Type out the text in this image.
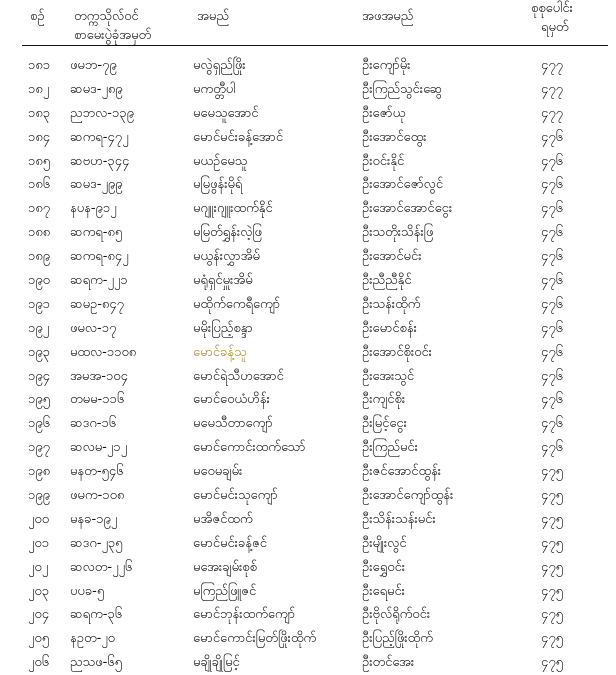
စဉ် တက္ကသိုလ်ဝင်
စာမေးပွဲခုံအမှတ်
အမည်	အဖအမည်
စုစုပေါင်း
ရမှတ်
၁၈၁ ဖမဘ-၇၉	မလွဲရှည်ဖြိုး	ဦးကျော်မိုး	၄၇၇
၁၈၂ ဆမဒ-၂၈၉	မကတ္တီပါ	ဦးကြည်သွင်းဆွေ	၄၇၇
၁၈၃ ညဘလ-၁၃၉	မမေသူအောင်	ဦးဇော်ယု	၄၇၇
၁၈၄ ဆကရ-၄၇၂	မောင်မင်းခန့်အောင်	ဦးအောင်ထွေး	၄၇၆
၁၈၅ ဆဗဟ-၃၄၄	မယဉ်မေသူ	ဦးဝင်းနိုင်	၄၇၆
၁၈၆ ဆမဒ-၂၉၉	မမြဖွန်းမိုရ်	ဦးအောင်ဇော်လွင်	၄၇၆
၁၈၇ နပန-၉၁၂	မဂျူးဂျူးထက်နိုင်	ဦးအောင်အောင်ငွေး	၄၇၆
၁၈၈ ဆကရ-၈၅	မမြတ်ရွှန်းလဲ့ဖြ	ဦးသတိုးသိန်းဖြ	၄၇၆
၁၈၉ ဆကရ-၈၄၂	မယွန်းလွှာအိမ်	ဦးအောင်မင်း	၄၇၆
၁၉၀ ဆရက-၂၂၁	မရုံရှင်မှူးအိမ်	ဦးညီညီနိုင်	၄၇၆
၁၉၁ ဆမဥ-၈၄၇	မထိုက်ကေရီကျော်	ဦးသန်းထိုက်	၄၇၆
၁၉၂ ဖမလ-၁၇	မမိုးပြည့်စန္ဒာ	ဦးမောင်စန်း	၄၇၆
၁၉၃ မထလ-၁၁၀၈	မောင်ခန့်သူ	ဦးအောင်စိုးဝင်း	၄၇၆
၁၉၄ အမအ-၁၀၄	မောင်ရဲသီဟအောင်	ဦးအေးသွင်	၄၇၆
၁၉၅ တမမ-၁၁၆	မောင်ဝေယံဟိန်း	ဦးကျင်စိုး	၄၇၆
၁၉၆ ဆဒဂ-၁၆	မမေသီတာကျော်	ဦးမြင့်ငွေး	၄၇၆
၁၉၇ ဆလမ-၂၁၂	မောင်ကောင်းထက်သော်	ဦးကြည်မင်း	၄၇၆
၁၉၈ မနတ-၅၄၆	မဝေမချမ်း	ဦးဇင်အောင်ထွန်း	၄၇၅
၁၉၉ ဖမက-၁၀၈	မောင်မင်းသုကျော်	ဦးအောင်ကျော်ထွန်း	၄၇၅
၂၀၀ မနခ-၁၉၂	မအိဇင်ထက်	ဦးသိန်းသန်းမင်း	၄၇၅
၂၀၁ ဆဒဂ-၂၃၅	မောင်မင်းခန့်ဇင်	ဦးမျိုးလွင်	၄၇၅
၂၀၂ ဆလတ-၂၂၆	မအေးချမ်းစုစ်	ဦးရွှေဝင်း	၄၇၅
၂၀၃ ပပခ-၅	မကြည်ဖြူဇင်	ဦးရေမင်း	၄၇၅
၂၀၄ ဆရက-၃၆	မောင်ဘုန်းထက်ကျော်	ဦးဗိုလ်ရိုက်ဝင်း	၄၇၅
၂၀၅ နဥတ-၂၀	မောင်ကောင်းမြတ်ဖြိုးထိုက်	ဦးပြည့်ဖြိုးထိုက်	၄၇၅
၂၀၆ ညသဖ-၆၅	မချိုချိုမြင့်	ဦးတင်အေး	၄၇၅
